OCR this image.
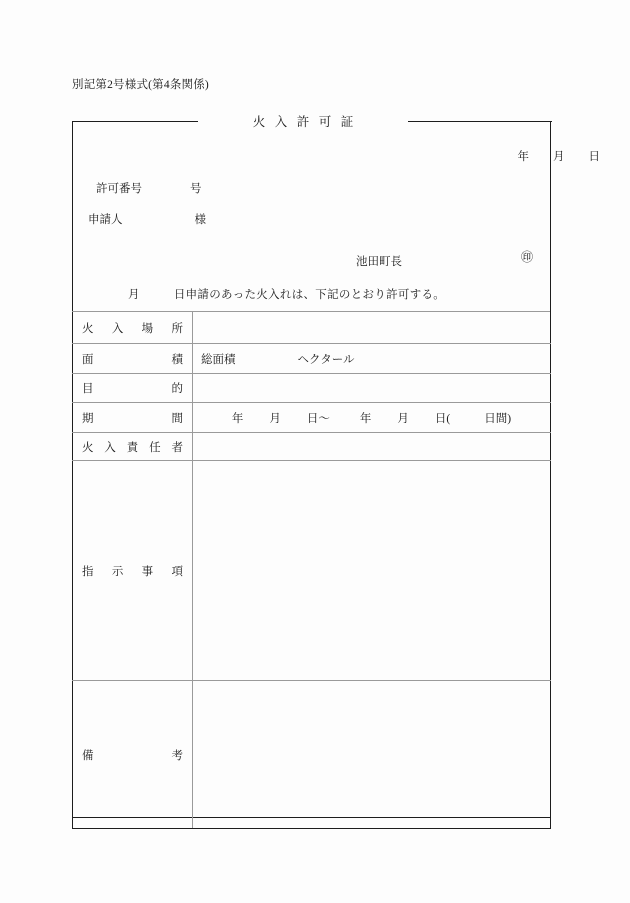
別記第2号様式(第4条関係)
火入許可証
年 月 日
許可番号	号
申請人	様
池田町長	㊞
月	日申請のあった火入れは、下記のとおり許可する。
火入場所	

面積	総面積 ヘクタール

目的	

期間	年 月 日〜 年 月 日( 日間)

火入責任者	

指示事項	

備考	
